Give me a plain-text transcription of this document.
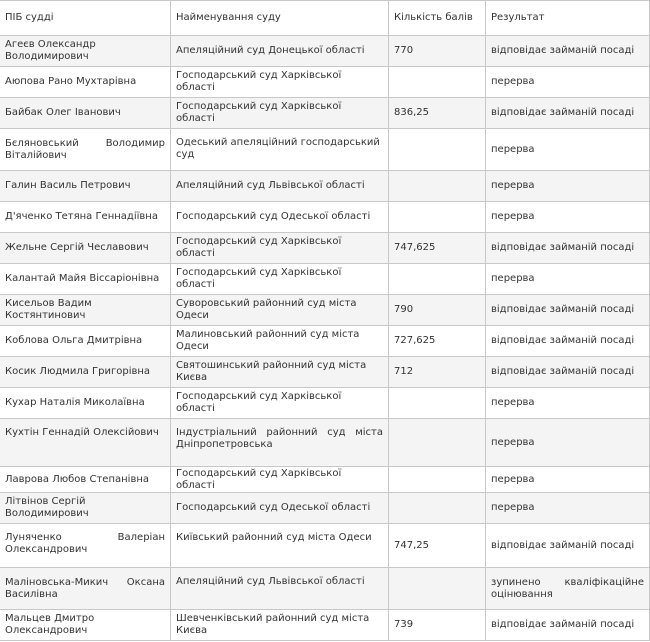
ПІБ судді	Найменування суду	Кількість балів	Результат
Агеєв Олександр Володимирович	Апеляційний суд Донецької області	770	відповідає займаній посаді
Аюпова Рано Мухтарівна	Господарський суд Харківської області		перерва
Байбак Олег Іванович	Господарський суд Харківської області	836,25	відповідає займаній посаді
Бєляновський Володимир Віталійович	Одеський апеляційний господарський суд		перерва
Галин Василь Петрович	Апеляційний суд Львівської області		перерва
Д'яченко Тетяна Геннадіївна	Господарський суд Одеської області		перерва
Жельне Сергій Чеславович	Господарський суд Харківської області	747,625	відповідає займаній посаді
Калантай Майя Віссаріонівна	Господарський суд Харківської області		перерва
Кисельов Вадим Костянтинович	Суворовський районний суд міста Одеси	790	відповідає займаній посаді
Коблова Ольга Дмитрівна	Малиновський районний суд міста Одеси	727,625	відповідає займаній посаді
Косик Людмила Григорівна	Святошинський районний суд міста Києва	712	відповідає займаній посаді
Кухар Наталія Миколаївна	Господарський суд Харківської області		перерва
Кухтін Геннадій Олексійович	Індустріальний районний суд міста Дніпропетровська		перерва
Лаврова Любов Степанівна	Господарський суд Харківської області		перерва
Літвінов Сергій Володимирович	Господарський суд Одеської області		перерва
Луняченко Валеріан Олександрович	Київський районний суд міста Одеси	747,25	відповідає займаній посаді
Маліновська-Микич Оксана Василівна	Апеляційний суд Львівської області		зупинено кваліфікаційне оцінювання
Мальцев Дмитро Олександрович	Шевченківський районний суд міста Києва	739	відповідає займаній посаді
